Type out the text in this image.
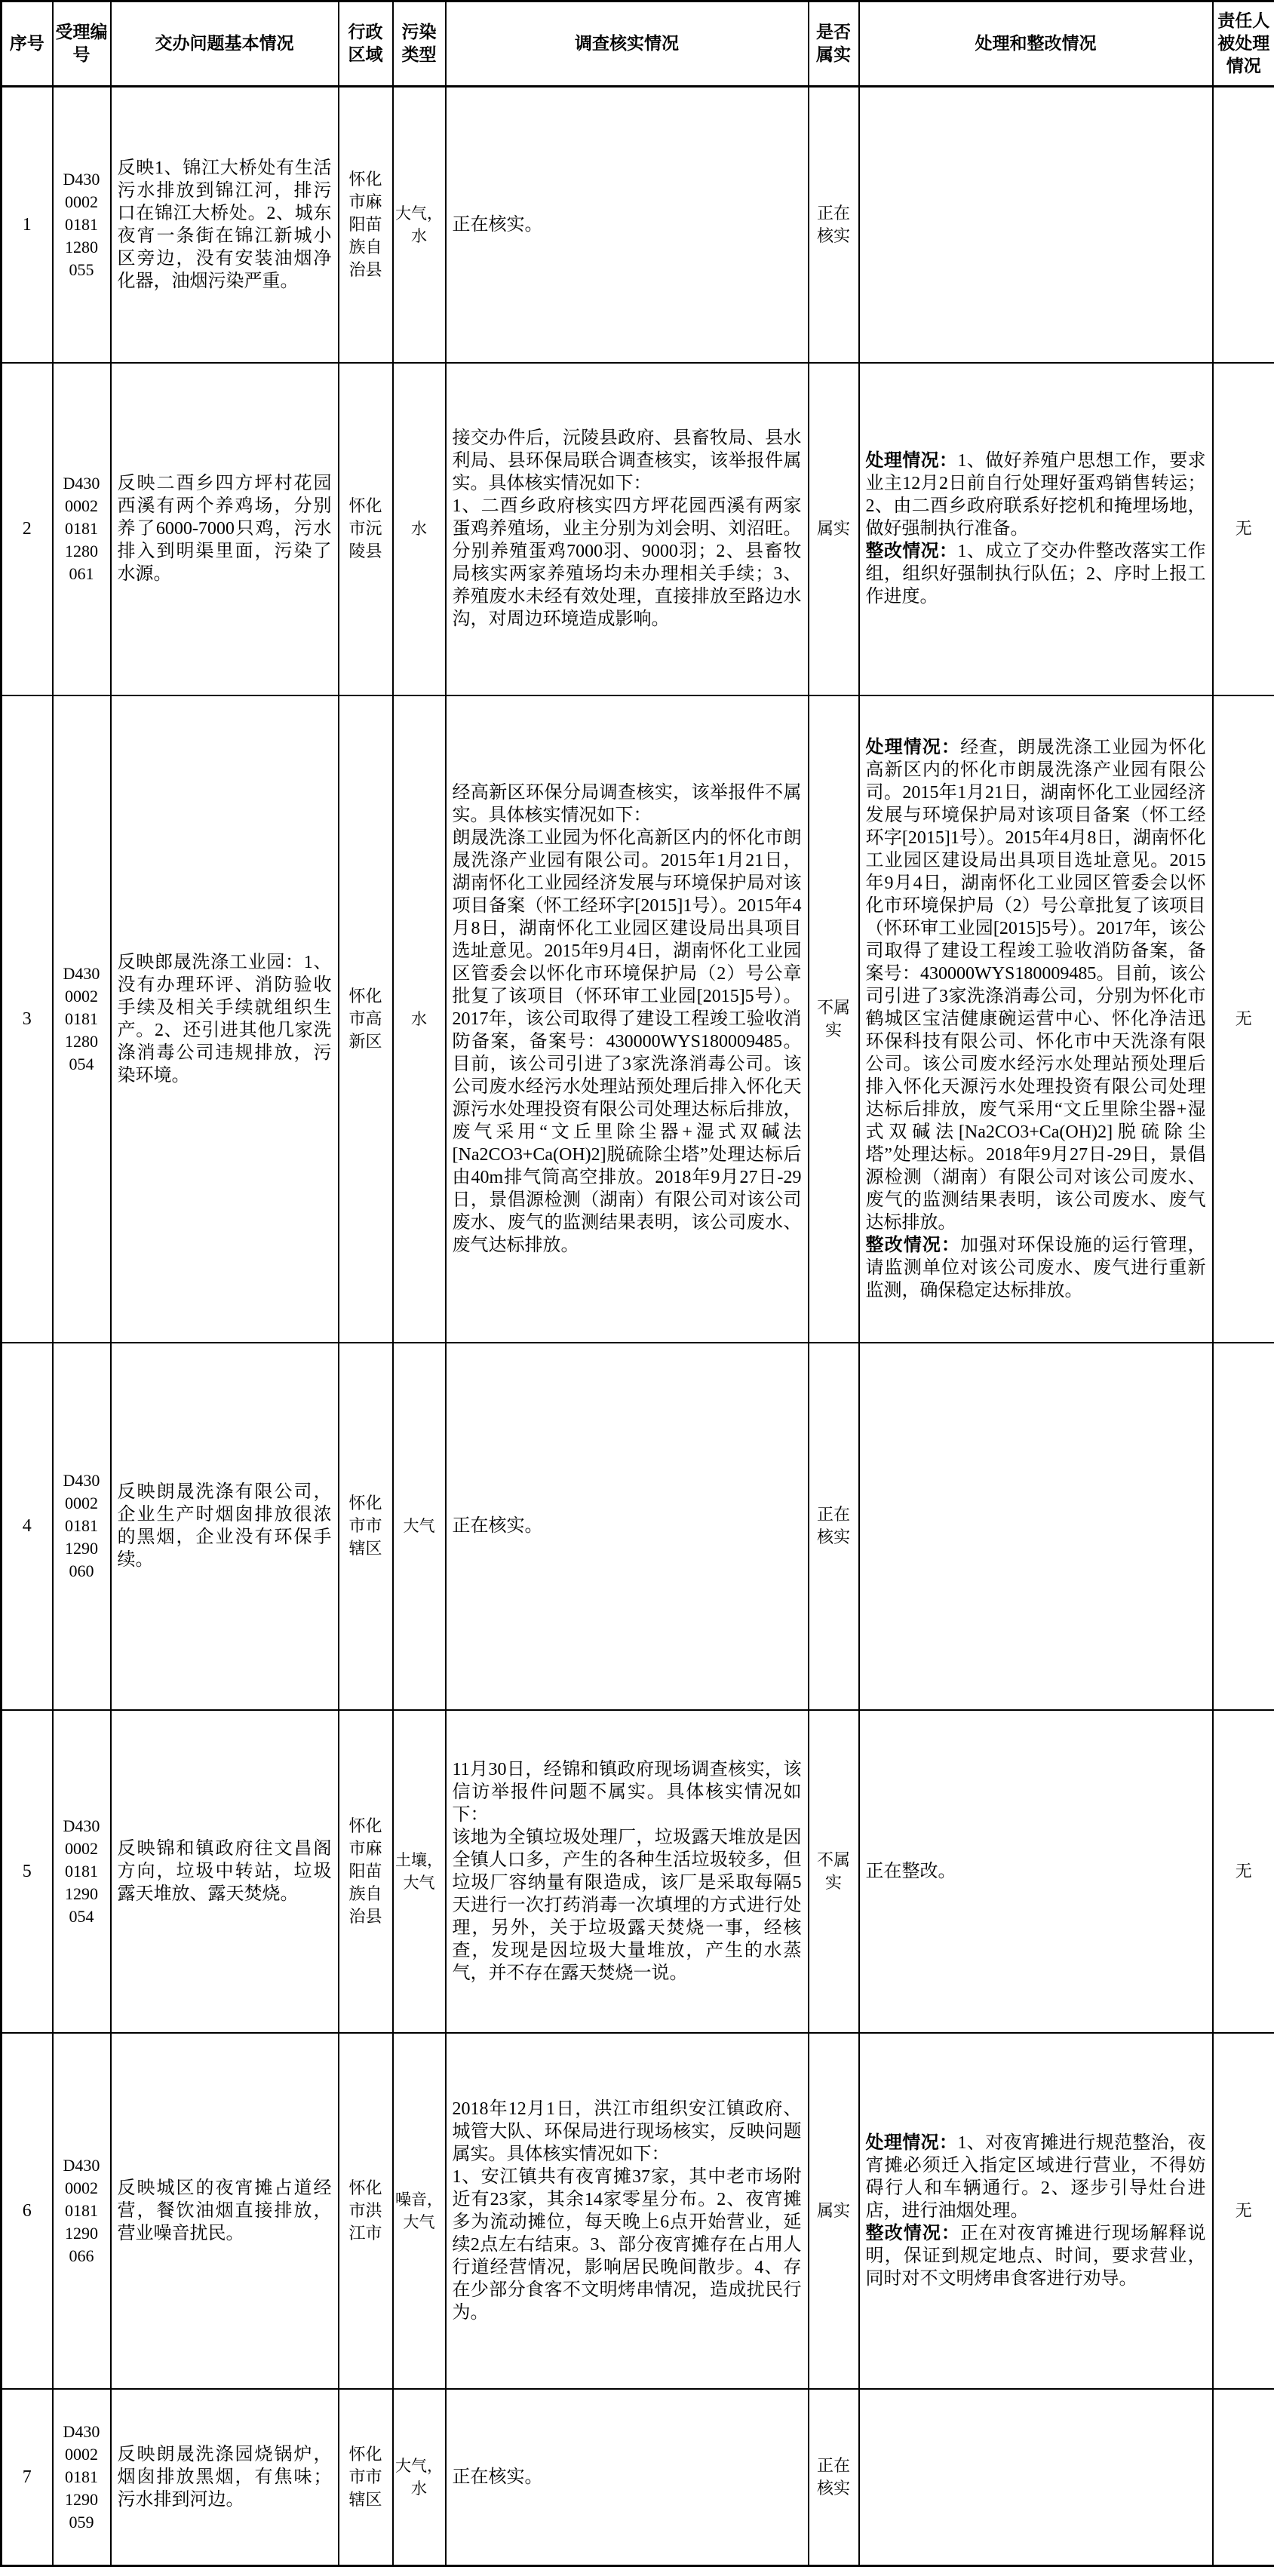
序号	受理编号	交办问题基本情况	行政区域	污染类型	调查核实情况	是否属实	处理和整改情况	责任人被处理情况
1	D430000201811280055	反映1、锦江大桥处有生活污水排放到锦江河，排污口在锦江大桥处。2、城东夜宵一条街在锦江新城小区旁边，没有安装油烟净化器，油烟污染严重。	怀化市麻阳苗族自治县	大气，水	正在核实。	正在核实		
2	D430000201811280061	反映二酉乡四方坪村花园西溪有两个养鸡场，分别养了6000-7000只鸡，污水排入到明渠里面，污染了水源。	怀化市沅陵县	水	

接交办件后，沅陵县政府、县畜牧局、县水利局、县环保局联合调查核实，该举报件属实。具体核实情况如下：

1、二酉乡政府核实四方坪花园西溪有两家蛋鸡养殖场，业主分别为刘会明、刘沼旺。分别养殖蛋鸡7000羽、9000羽；2、县畜牧局核实两家养殖场均未办理相关手续；3、养殖废水未经有效处理，直接排放至路边水沟，对周边环境造成影响。

	属实	

处理情况：1、做好养殖户思想工作，要求业主12月2日前自行处理好蛋鸡销售转运；2、由二酉乡政府联系好挖机和掩埋场地，做好强制执行准备。

整改情况：1、成立了交办件整改落实工作组，组织好强制执行队伍；2、序时上报工作进度。

	无
3	D430000201811280054	反映郎晟洗涤工业园：1、没有办理环评、消防验收手续及相关手续就组织生产。2、还引进其他几家洗涤消毒公司违规排放，污染环境。	怀化市高新区	水	

经高新区环保分局调查核实，该举报件不属实。具体核实情况如下：

朗晟洗涤工业园为怀化高新区内的怀化市朗晟洗涤产业园有限公司。2015年1月21日，湖南怀化工业园经济发展与环境保护局对该项目备案（怀工经环字[2015]1号）。2015年4月8日，湖南怀化工业园区建设局出具项目选址意见。2015年9月4日，湖南怀化工业园区管委会以怀化市环境保护局（2）号公章批复了该项目（怀环审工业园[2015]5号）。2017年，该公司取得了建设工程竣工验收消防备案，备案号：430000WYS180009485。目前，该公司引进了3家洗涤消毒公司。该公司废水经污水处理站预处理后排入怀化天源污水处理投资有限公司处理达标后排放，废气采用“文丘里除尘器+湿式双碱法[Na2CO3+Ca(OH)2]脱硫除尘塔”处理达标后由40m排气筒高空排放。2018年9月27日-29日，景倡源检测（湖南）有限公司对该公司废水、废气的监测结果表明，该公司废水、废气达标排放。

	不属实	

处理情况：经查，朗晟洗涤工业园为怀化高新区内的怀化市朗晟洗涤产业园有限公司。2015年1月21日，湖南怀化工业园经济发展与环境保护局对该项目备案（怀工经环字[2015]1号）。2015年4月8日，湖南怀化工业园区建设局出具项目选址意见。2015年9月4日，湖南怀化工业园区管委会以怀化市环境保护局（2）号公章批复了该项目（怀环审工业园[2015]5号）。2017年，该公司取得了建设工程竣工验收消防备案，备案号：430000WYS180009485。目前，该公司引进了3家洗涤消毒公司，分别为怀化市鹤城区宝洁健康碗运营中心、怀化净洁迅环保科技有限公司、怀化市中天洗涤有限公司。该公司废水经污水处理站预处理后排入怀化天源污水处理投资有限公司处理达标后排放，废气采用“文丘里除尘器+湿式双碱法[Na2CO3+Ca(OH)2]脱硫除尘塔”处理达标。2018年9月27日-29日，景倡源检测（湖南）有限公司对该公司废水、废气的监测结果表明，该公司废水、废气达标排放。

整改情况：加强对环保设施的运行管理，请监测单位对该公司废水、废气进行重新监测，确保稳定达标排放。

	无
4	D430000201811290060	反映朗晟洗涤有限公司，企业生产时烟囱排放很浓的黑烟，企业没有环保手续。	怀化市市辖区	大气	正在核实。	正在核实		
5	D430000201811290054	反映锦和镇政府往文昌阁方向，垃圾中转站，垃圾露天堆放、露天焚烧。	怀化市麻阳苗族自治县	土壤，大气	11月30日，经锦和镇政府现场调查核实，该信访举报件问题不属实。具体核实情况如下：

该地为全镇垃圾处理厂，垃圾露天堆放是因全镇人口多，产生的各种生活垃圾较多，但垃圾厂容纳量有限造成，该厂是采取每隔5天进行一次打药消毒一次填埋的方式进行处理，另外，关于垃圾露天焚烧一事，经核查，发现是因垃圾大量堆放，产生的水蒸气，并不存在露天焚烧一说。	不属实	正在整改。	无
6	D430000201811290066	反映城区的夜宵摊占道经营，餐饮油烟直接排放，营业噪音扰民。	怀化市洪江市	噪音，大气	

2018年12月1日，洪江市组织安江镇政府、城管大队、环保局进行现场核实，反映问题属实。具体核实情况如下：

1、安江镇共有夜宵摊37家，其中老市场附近有23家，其余14家零星分布。2、夜宵摊多为流动摊位，每天晚上6点开始营业，延续2点左右结束。3、部分夜宵摊存在占用人行道经营情况，影响居民晚间散步。4、存在少部分食客不文明烤串情况，造成扰民行为。

	属实	

处理情况：1、对夜宵摊进行规范整治，夜宵摊必须迁入指定区域进行营业，不得妨碍行人和车辆通行。2、逐步引导灶台进店，进行油烟处理。

整改情况：正在对夜宵摊进行现场解释说明，保证到规定地点、时间，要求营业，同时对不文明烤串食客进行劝导。

	无
7	D430000201811290059	反映朗晟洗涤园烧锅炉，烟囱排放黑烟，有焦味；污水排到河边。	怀化市市辖区	大气，水	正在核实。	正在核实		
